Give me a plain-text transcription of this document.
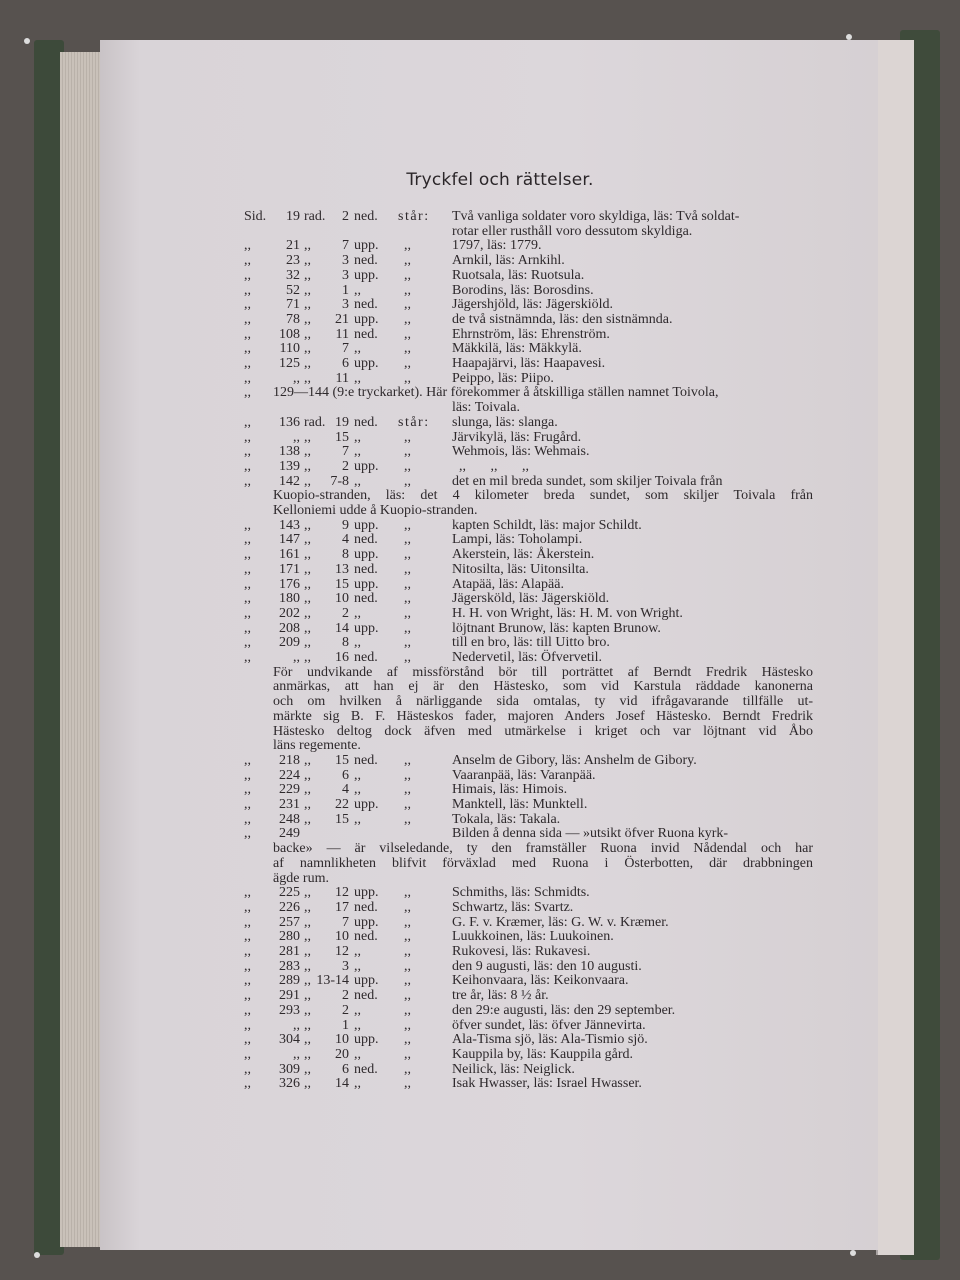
Tryckfel och rättelser.
Sid.	19 rad.	2 ned. står: Två vanliga soldater voro skyldiga, läs: Två soldat-
rotar eller rusthåll voro dessutom skyldiga.
,,	21 ,,	7 upp. ,,	1797, läs: 1779.
,,	23 ,,	3 ned. ,,	Arnkil, läs: Arnkihl.
,,	32 ,,	3 upp. ,,	Ruotsala, läs: Ruotsula.
,,	52 ,,	1 ,,	,,	Borodins, läs: Borosdins.
,,	71 ,,	3 ned. ,,	Jägershjöld, läs: Jägerskiöld.
,,	78 ,,	21 upp. ,,	de två sistnämnda, läs: den sistnämnda.
,,	108 ,,	11 ned. ,,	Ehrnström, läs: Ehrenström.
,,	110 ,,	7 ,,	,,	Mäkkilä, läs: Mäkkylä.
,,	125 ,,	6 upp. ,,	Haapajärvi, läs: Haapavesi.
,,	,, ,,	11 ,,	,,	Peippo, läs: Piipo.
,, 129—144 (9:e tryckarket). Här förekommer å åtskilliga ställen namnet Toivola,
läs: Toivala.
,,	136 rad. 19 ned. står: slunga, läs: slanga.
,,	,, ,,	15 ,,	,,	Järvikylä, läs: Frugård.
,,	138 ,,	7 ,,	,,	Wehmois, läs: Wehmais.
,,	139 ,,	2 upp. ,,	,,       ,,       ,,
,,	142 ,,	7-8 ,,	,,	det en mil breda sundet, som skiljer Toivala från
Kuopio-stranden, läs: det 4 kilometer breda sundet, som skiljer Toivala från
Kelloniemi udde å Kuopio-stranden.
,,	143 ,,	9 upp. ,,	kapten Schildt, läs: major Schildt.
,,	147 ,,	4 ned. ,,	Lampi, läs: Toholampi.
,,	161 ,,	8 upp. ,,	Akerstein, läs: Åkerstein.
,,	171 ,,	13 ned. ,,	Nitosilta, läs: Uitonsilta.
,,	176 ,,	15 upp. ,,	Atapää, läs: Alapää.
,,	180 ,,	10 ned. ,,	Jägersköld, läs: Jägerskiöld.
,,	202 ,,	2 ,,	,,	H. H. von Wright, läs: H. M. von Wright.
,,	208 ,,	14 upp. ,,	löjtnant Brunow, läs: kapten Brunow.
,,	209 ,,	8 ,,	,,	till en bro, läs: till Uitto bro.
,,	,, ,,	16 ned. ,,	Nedervetil, läs: Öfvervetil.
För undvikande af missförstånd bör till porträttet af Berndt Fredrik Hästesko
anmärkas, att han ej är den Hästesko, som vid Karstula räddade kanonerna
och om hvilken å närliggande sida omtalas, ty vid ifrågavarande tillfälle ut-
märkte sig B. F. Hästeskos fader, majoren Anders Josef Hästesko. Berndt Fredrik
Hästesko deltog dock äfven med utmärkelse i kriget och var löjtnant vid Åbo
läns regemente.
,,	218 ,,	15 ned. ,,	Anselm de Gibory, läs: Anshelm de Gibory.
,,	224 ,,	6 ,,	,,	Vaaranpää, läs: Varanpää.
,,	229 ,,	4 ,,	,,	Himais, läs: Himois.
,,	231 ,,	22 upp. ,,	Manktell, läs: Munktell.
,,	248 ,,	15 ,,	,,	Tokala, läs: Takala.
,,	249	Bilden å denna sida — »utsikt öfver Ruona kyrk-
backe» — är vilseledande, ty den framställer Ruona invid Nådendal och har
af namnlikheten blifvit förväxlad med Ruona i Österbotten, där drabbningen
ägde rum.
,,	225 ,,	12 upp. ,,	Schmiths, läs: Schmidts.
,,	226 ,,	17 ned. ,,	Schwartz, läs: Svartz.
,,	257 ,,	7 upp. ,,	G. F. v. Kræmer, läs: G. W. v. Kræmer.
,,	280 ,,	10 ned. ,,	Luukkoinen, läs: Luukoinen.
,,	281 ,,	12 ,,	,,	Rukovesi, läs: Rukavesi.
,,	283 ,,	3 ,,	,,	den 9 augusti, läs: den 10 augusti.
,,	289 ,, 13-14 upp. ,,	Keihonvaara, läs: Keikonvaara.
,,	291 ,,	2 ned. ,,	tre år, läs: 8 ½ år.
,,	293 ,,	2 ,,	,,	den 29:e augusti, läs: den 29 september.
,,	,, ,,	1 ,,	,,	öfver sundet, läs: öfver Jännevirta.
,,	304 ,,	10 upp. ,,	Ala-Tisma sjö, läs: Ala-Tismio sjö.
,,	,, ,,	20 ,,	,,	Kauppila by, läs: Kauppila gård.
,,	309 ,,	6 ned. ,,	Neilick, läs: Neiglick.
,,	326 ,,	14 ,,	,,	Isak Hwasser, läs: Israel Hwasser.
